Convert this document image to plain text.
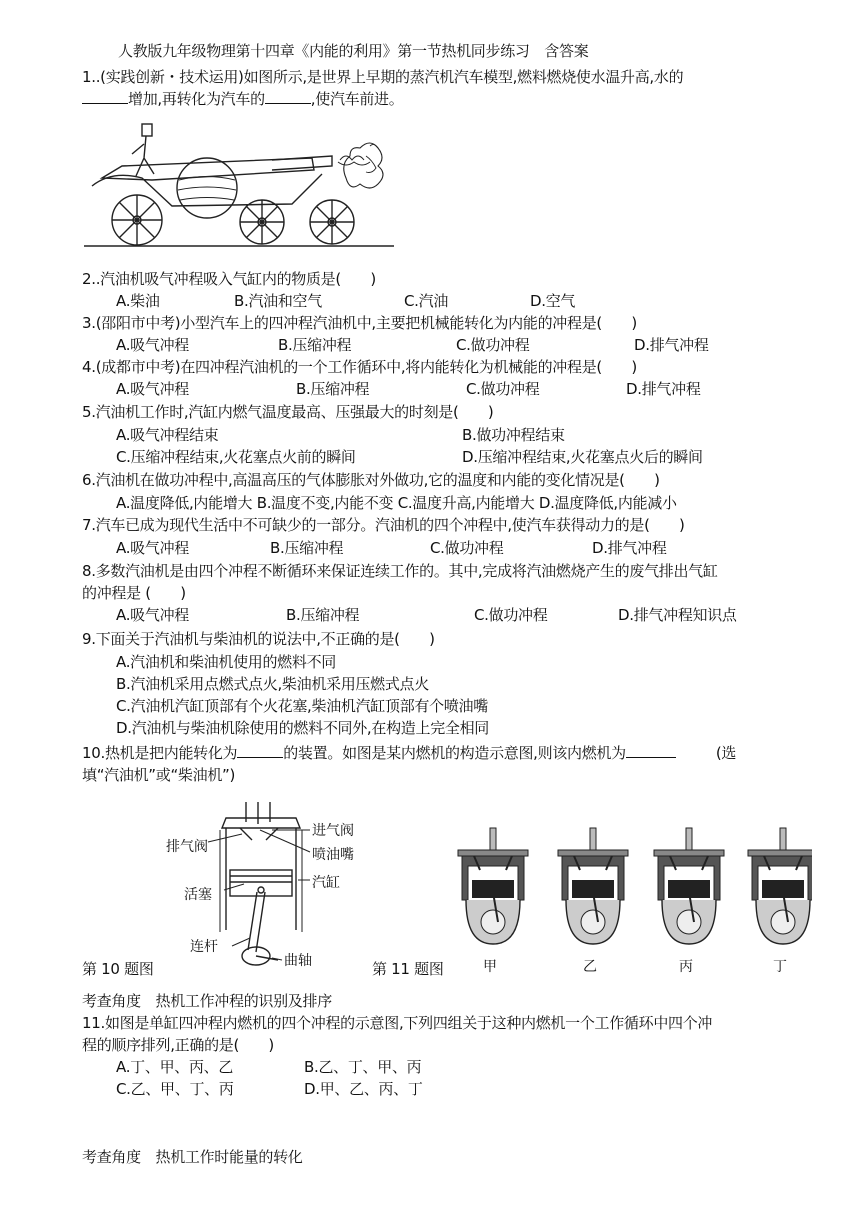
人教版九年级物理第十四章《内能的利用》第一节热机同步练习　含答案
1..(实践创新・技术运用)如图所示,是世界上早期的蒸汽机汽车模型,燃料燃烧使水温升高,水的
增加,再转化为汽车的	,使汽车前进。
2..汽油机吸气冲程吸入气缸内的物质是(　　)
A.柴油	B.汽油和空气	C.汽油	D.空气
3.(邵阳市中考)小型汽车上的四冲程汽油机中,主要把机械能转化为内能的冲程是(　　)
A.吸气冲程	B.压缩冲程	C.做功冲程	D.排气冲程
4.(成都市中考)在四冲程汽油机的一个工作循环中,将内能转化为机械能的冲程是(　　)
A.吸气冲程	B.压缩冲程	C.做功冲程	D.排气冲程
5.汽油机工作时,汽缸内燃气温度最高、压强最大的时刻是(　　)
A.吸气冲程结束	B.做功冲程结束
C.压缩冲程结束,火花塞点火前的瞬间	D.压缩冲程结束,火花塞点火后的瞬间
6.汽油机在做功冲程中,高温高压的气体膨胀对外做功,它的温度和内能的变化情况是(　　)
A.温度降低,内能增大 B.温度不变,内能不变 C.温度升高,内能增大 D.温度降低,内能减小
7.汽车已成为现代生活中不可缺少的一部分。汽油机的四个冲程中,使汽车获得动力的是(　　)
A.吸气冲程	B.压缩冲程	C.做功冲程	D.排气冲程
8.多数汽油机是由四个冲程不断循环来保证连续工作的。其中,完成将汽油燃烧产生的废气排出气缸
的冲程是 (　　)
A.吸气冲程	B.压缩冲程	C.做功冲程	D.排气冲程知识点
9.下面关于汽油机与柴油机的说法中,不正确的是(　　)
A.汽油机和柴油机使用的燃料不同
B.汽油机采用点燃式点火,柴油机采用压燃式点火
C.汽油机汽缸顶部有个火花塞,柴油机汽缸顶部有个喷油嘴
D.汽油机与柴油机除使用的燃料不同外,在构造上完全相同
10.热机是把内能转化为	的装置。如图是某内燃机的构造示意图,则该内燃机为	(选
填“汽油机”或“柴油机”)
排气阀
进气阀
喷油嘴
活塞
汽缸
连杆
曲轴
第 10 题图	第 11 题图	甲	乙	丙	丁
考查角度　热机工作冲程的识别及排序
11.如图是单缸四冲程内燃机的四个冲程的示意图,下列四组关于这种内燃机一个工作循环中四个冲
程的顺序排列,正确的是(　　)
A.丁、甲、丙、乙	B.乙、丁、甲、丙
C.乙、甲、丁、丙	D.甲、乙、丙、丁
考查角度　热机工作时能量的转化
